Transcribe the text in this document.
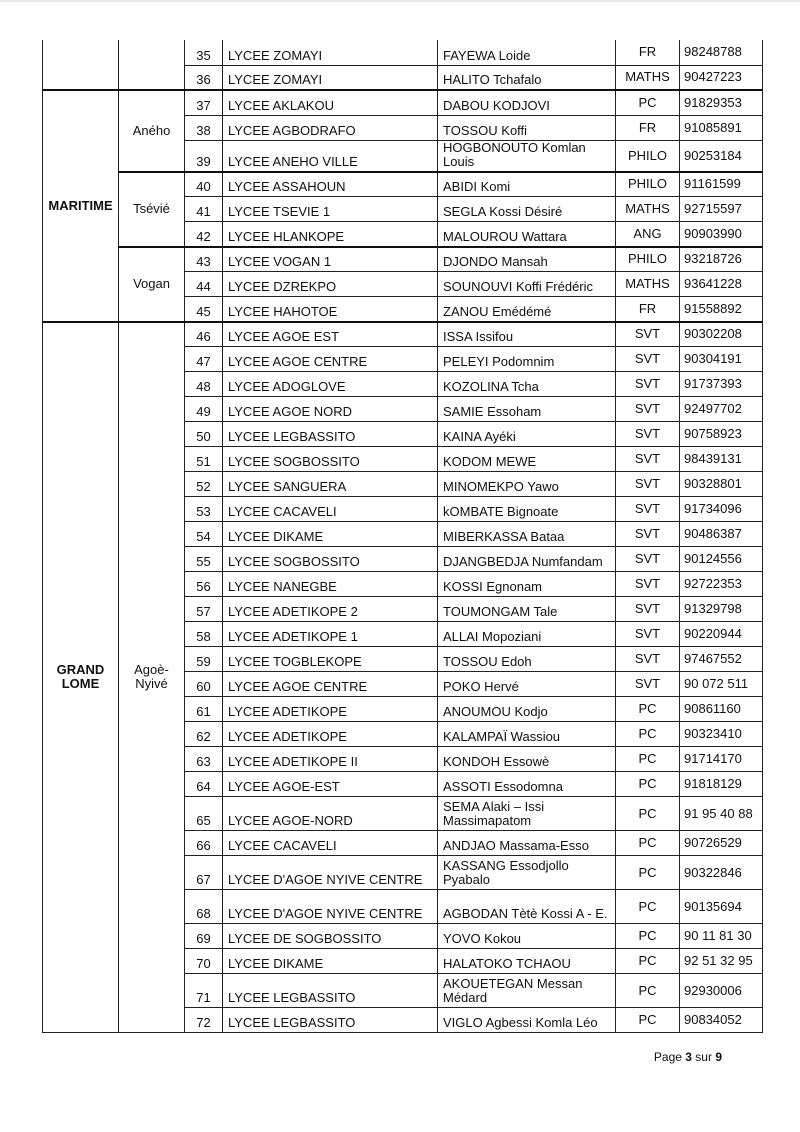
		35	LYCEE ZOMAYI	FAYEWA Loide	FR	98248788
		36	LYCEE ZOMAYI	HALITO Tchafalo	MATHS	90427223
MARITIME	Aného	37	LYCEE AKLAKOU	DABOU KODJOVI	PC	91829353
		38	LYCEE AGBODRAFO	TOSSOU Koffi	FR	91085891
		39	LYCEE ANEHO VILLE	HOGBONOUTO Komlan Louis	PHILO	90253184
	Tsévié	40	LYCEE ASSAHOUN	ABIDI Komi	PHILO	91161599
		41	LYCEE TSEVIE 1	SEGLA Kossi Désiré	MATHS	92715597
		42	LYCEE HLANKOPE	MALOUROU Wattara	ANG	90903990
	Vogan	43	LYCEE VOGAN 1	DJONDO Mansah	PHILO	93218726
		44	LYCEE DZREKPO	SOUNOUVI Koffi Frédéric	MATHS	93641228
		45	LYCEE HAHOTOE	ZANOU Emédémé	FR	91558892
GRAND LOME	Agoè-Nyivé	46	LYCEE AGOE EST	ISSA Issifou	SVT	90302208
		47	LYCEE AGOE CENTRE	PELEYI Podomnim	SVT	90304191
		48	LYCEE ADOGLOVE	KOZOLINA Tcha	SVT	91737393
		49	LYCEE AGOE NORD	SAMIE Essoham	SVT	92497702
		50	LYCEE LEGBASSITO	KAINA Ayéki	SVT	90758923
		51	LYCEE SOGBOSSITO	KODOM MEWE	SVT	98439131
		52	LYCEE SANGUERA	MINOMEKPO Yawo	SVT	90328801
		53	LYCEE CACAVELI	kOMBATE Bignoate	SVT	91734096
		54	LYCEE DIKAME	MIBERKASSA Bataa	SVT	90486387
		55	LYCEE SOGBOSSITO	DJANGBEDJA Numfandam	SVT	90124556
		56	LYCEE NANEGBE	KOSSI Egnonam	SVT	92722353
		57	LYCEE ADETIKOPE 2	TOUMONGAM Tale	SVT	91329798
		58	LYCEE ADETIKOPE 1	ALLAI Mopoziani	SVT	90220944
		59	LYCEE TOGBLEKOPE	TOSSOU Edoh	SVT	97467552
		60	LYCEE AGOE CENTRE	POKO Hervé	SVT	90 072 511
		61	LYCEE ADETIKOPE	ANOUMOU Kodjo	PC	90861160
		62	LYCEE ADETIKOPE	KALAMPAÏ Wassiou	PC	90323410
		63	LYCEE ADETIKOPE II	KONDOH Essowè	PC	91714170
		64	LYCEE AGOE-EST	ASSOTI Essodomna	PC	91818129
		65	LYCEE AGOE-NORD	SEMA Alaki – Issi Massimapatom	PC	91 95 40 88
		66	LYCEE CACAVELI	ANDJAO Massama-Esso	PC	90726529
		67	LYCEE D'AGOE NYIVE CENTRE	KASSANG Essodjollo Pyabalo	PC	90322846
		68	LYCEE D'AGOE NYIVE CENTRE	AGBODAN Tètè Kossi A - E.	PC	90135694
		69	LYCEE DE SOGBOSSITO	YOVO Kokou	PC	90 11 81 30
		70	LYCEE DIKAME	HALATOKO TCHAOU	PC	92 51 32 95
		71	LYCEE LEGBASSITO	AKOUETEGAN Messan Médard	PC	92930006
		72	LYCEE LEGBASSITO	VIGLO Agbessi Komla Léo	PC	90834052
Page 3 sur 9
